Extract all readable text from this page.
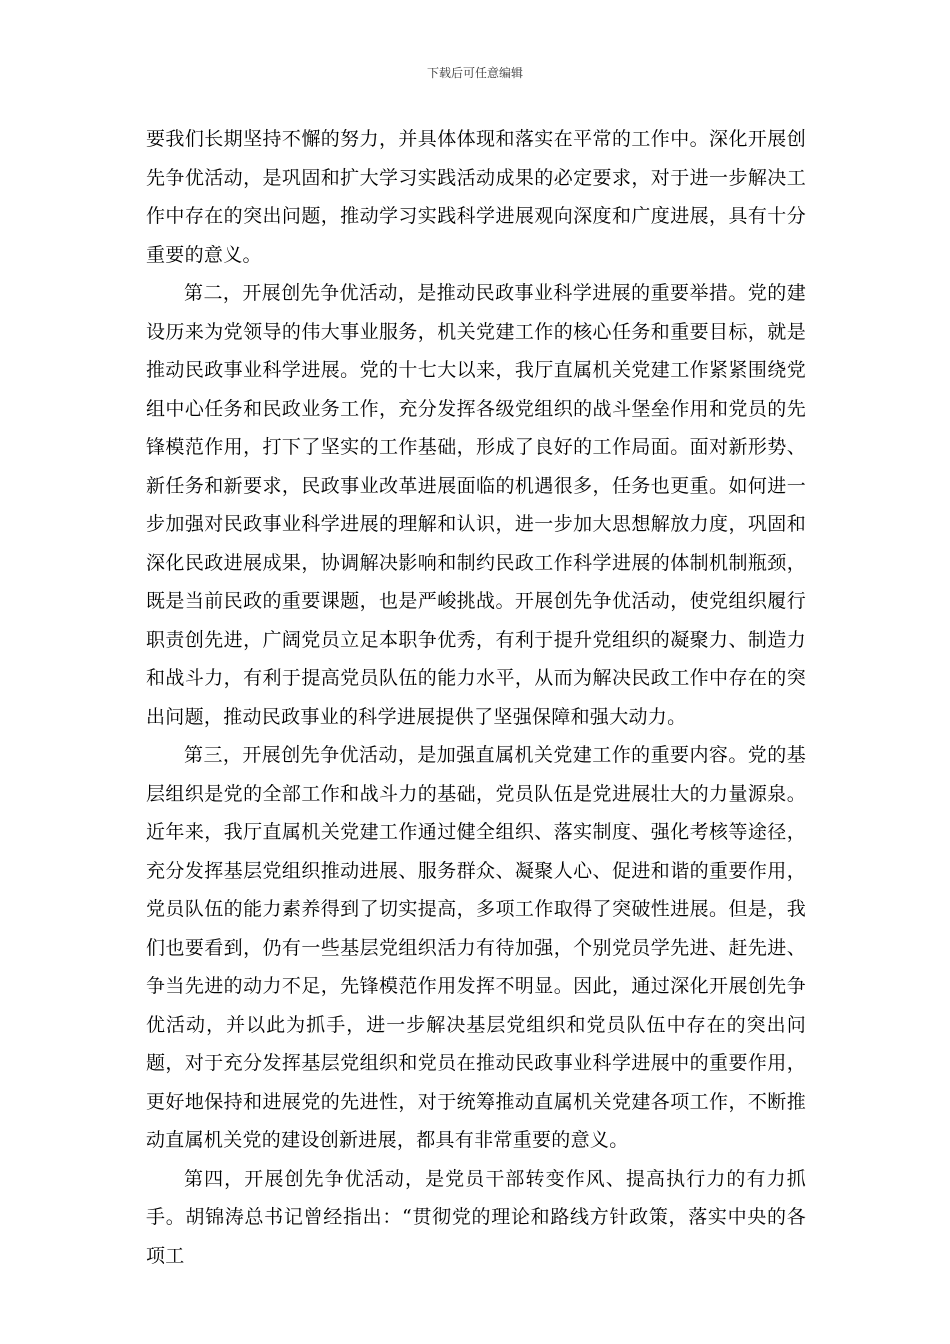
下载后可任意编辑

要我们长期坚持不懈的努力，并具体体现和落实在平常的工作中。深化开展创先争优活动，是巩固和扩大学习实践活动成果的必定要求，对于进一步解决工作中存在的突出问题，推动学习实践科学进展观向深度和广度进展，具有十分重要的意义。

第二，开展创先争优活动，是推动民政事业科学进展的重要举措。党的建设历来为党领导的伟大事业服务，机关党建工作的核心任务和重要目标，就是推动民政事业科学进展。党的十七大以来，我厅直属机关党建工作紧紧围绕党组中心任务和民政业务工作，充分发挥各级党组织的战斗堡垒作用和党员的先锋模范作用，打下了坚实的工作基础，形成了良好的工作局面。面对新形势、新任务和新要求，民政事业改革进展面临的机遇很多，任务也更重。如何进一步加强对民政事业科学进展的理解和认识，进一步加大思想解放力度，巩固和深化民政进展成果，协调解决影响和制约民政工作科学进展的体制机制瓶颈，既是当前民政的重要课题，也是严峻挑战。开展创先争优活动，使党组织履行职责创先进，广阔党员立足本职争优秀，有利于提升党组织的凝聚力、制造力和战斗力，有利于提高党员队伍的能力水平，从而为解决民政工作中存在的突出问题，推动民政事业的科学进展提供了坚强保障和强大动力。

第三，开展创先争优活动，是加强直属机关党建工作的重要内容。党的基层组织是党的全部工作和战斗力的基础，党员队伍是党进展壮大的力量源泉。近年来，我厅直属机关党建工作通过健全组织、落实制度、强化考核等途径，充分发挥基层党组织推动进展、服务群众、凝聚人心、促进和谐的重要作用，党员队伍的能力素养得到了切实提高，多项工作取得了突破性进展。但是，我们也要看到，仍有一些基层党组织活力有待加强，个别党员学先进、赶先进、争当先进的动力不足，先锋模范作用发挥不明显。因此，通过深化开展创先争优活动，并以此为抓手，进一步解决基层党组织和党员队伍中存在的突出问题，对于充分发挥基层党组织和党员在推动民政事业科学进展中的重要作用，更好地保持和进展党的先进性，对于统筹推动直属机关党建各项工作，不断推动直属机关党的建设创新进展，都具有非常重要的意义。

第四，开展创先争优活动，是党员干部转变作风、提高执行力的有力抓手。胡锦涛总书记曾经指出：“贯彻党的理论和路线方针政策，落实中央的各项工
